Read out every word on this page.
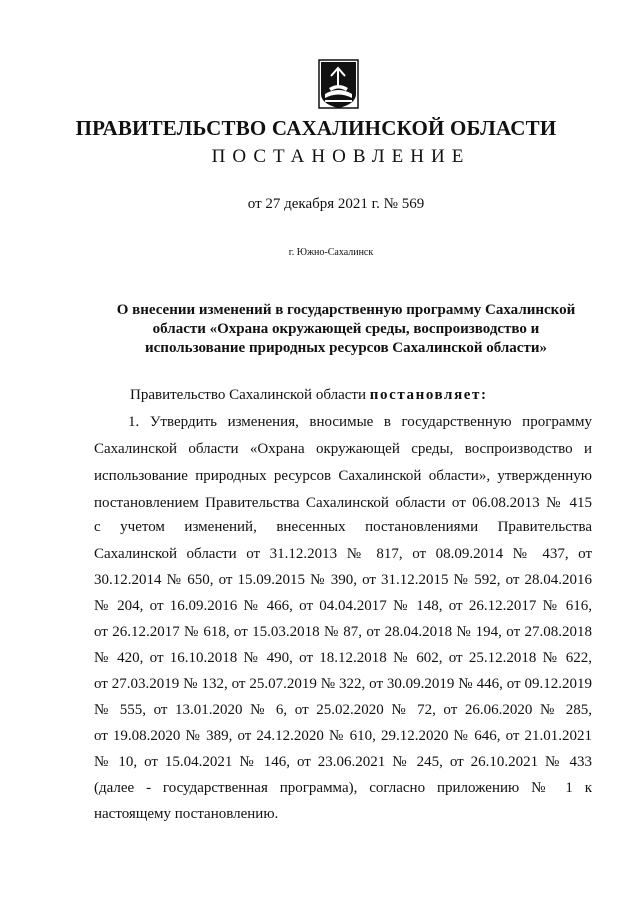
ПРАВИТЕЛЬСТВО САХАЛИНСКОЙ ОБЛАСТИ
ПОСТАНОВЛЕНИЕ
от 27 декабря 2021 г. № 569
г. Южно-Сахалинск
О внесении изменений в государственную программу Сахалинской
области «Охрана окружающей среды, воспроизводство и
использование природных ресурсов Сахалинской области»
Правительство Сахалинской области постановляет:
1. Утвердить изменения, вносимые в государственную программу
Сахалинской области «Охрана окружающей среды, воспроизводство и
использование природных ресурсов Сахалинской области», утвержденную
постановлением Правительства Сахалинской области от 06.08.2013 № 415
с учетом изменений, внесенных постановлениями Правительства
Сахалинской области от 31.12.2013 № 817, от 08.09.2014 № 437, от
30.12.2014 № 650, от 15.09.2015 № 390, от 31.12.2015 № 592, от 28.04.2016
№ 204, от 16.09.2016 № 466, от 04.04.2017 № 148, от 26.12.2017 № 616,
от 26.12.2017 № 618, от 15.03.2018 № 87, от 28.04.2018 № 194, от 27.08.2018
№ 420, от 16.10.2018 № 490, от 18.12.2018 № 602, от 25.12.2018 № 622,
от 27.03.2019 № 132, от 25.07.2019 № 322, от 30.09.2019 № 446, от 09.12.2019
№ 555, от 13.01.2020 № 6, от 25.02.2020 № 72, от 26.06.2020 № 285,
от 19.08.2020 № 389, от 24.12.2020 № 610, 29.12.2020 № 646, от 21.01.2021
№ 10, от 15.04.2021 № 146, от 23.06.2021 № 245, от 26.10.2021 № 433
(далее - государственная программа), согласно приложению № 1 к
настоящему постановлению.
